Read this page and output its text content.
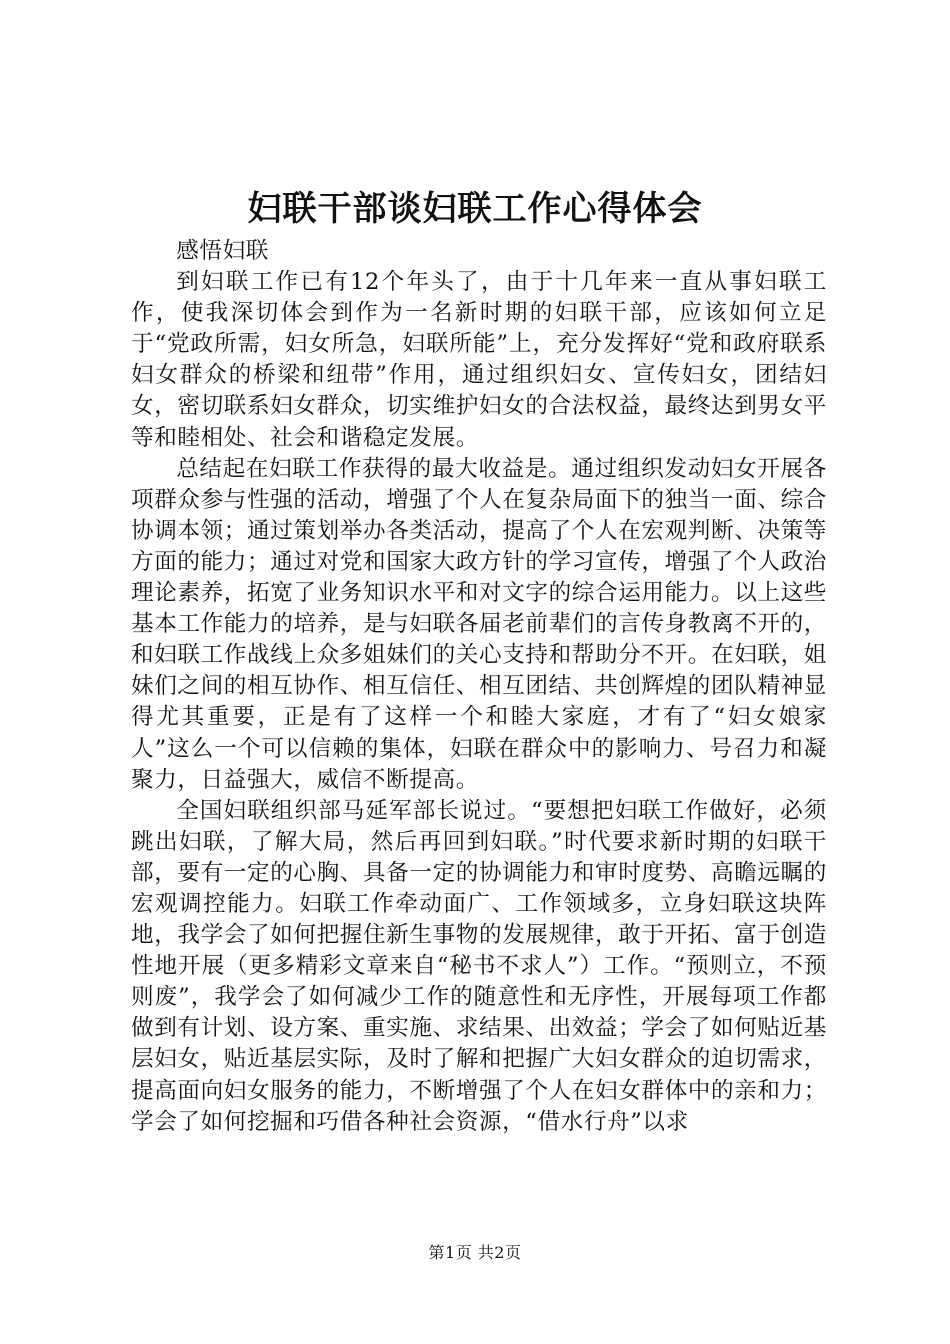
妇联干部谈妇联工作心得体会

感悟妇联

到妇联工作已有12个年头了，由于十几年来一直从事妇联工作，使我深切体会到作为一名新时期的妇联干部，应该如何立足于“党政所需，妇女所急，妇联所能”上，充分发挥好“党和政府联系妇女群众的桥梁和纽带”作用，通过组织妇女、宣传妇女，团结妇女，密切联系妇女群众，切实维护妇女的合法权益，最终达到男女平等和睦相处、社会和谐稳定发展。

总结起在妇联工作获得的最大收益是。通过组织发动妇女开展各项群众参与性强的活动，增强了个人在复杂局面下的独当一面、综合协调本领；通过策划举办各类活动，提高了个人在宏观判断、决策等方面的能力；通过对党和国家大政方针的学习宣传，增强了个人政治理论素养，拓宽了业务知识水平和对文字的综合运用能力。以上这些基本工作能力的培养，是与妇联各届老前辈们的言传身教离不开的，和妇联工作战线上众多姐妹们的关心支持和帮助分不开。在妇联，姐妹们之间的相互协作、相互信任、相互团结、共创辉煌的团队精神显得尤其重要，正是有了这样一个和睦大家庭，才有了“妇女娘家人”这么一个可以信赖的集体，妇联在群众中的影响力、号召力和凝聚力，日益强大，威信不断提高。

全国妇联组织部马延军部长说过。“要想把妇联工作做好，必须跳出妇联，了解大局，然后再回到妇联。”时代要求新时期的妇联干部，要有一定的心胸、具备一定的协调能力和审时度势、高瞻远瞩的宏观调控能力。妇联工作牵动面广、工作领域多，立身妇联这块阵地，我学会了如何把握住新生事物的发展规律，敢于开拓、富于创造性地开展（更多精彩文章来自“秘书不求人”）工作。“预则立，不预则废”，我学会了如何减少工作的随意性和无序性，开展每项工作都做到有计划、设方案、重实施、求结果、出效益；学会了如何贴近基层妇女，贴近基层实际，及时了解和把握广大妇女群众的迫切需求，提高面向妇女服务的能力，不断增强了个人在妇女群体中的亲和力；学会了如何挖掘和巧借各种社会资源，“借水行舟”以求

第1页 共2页
